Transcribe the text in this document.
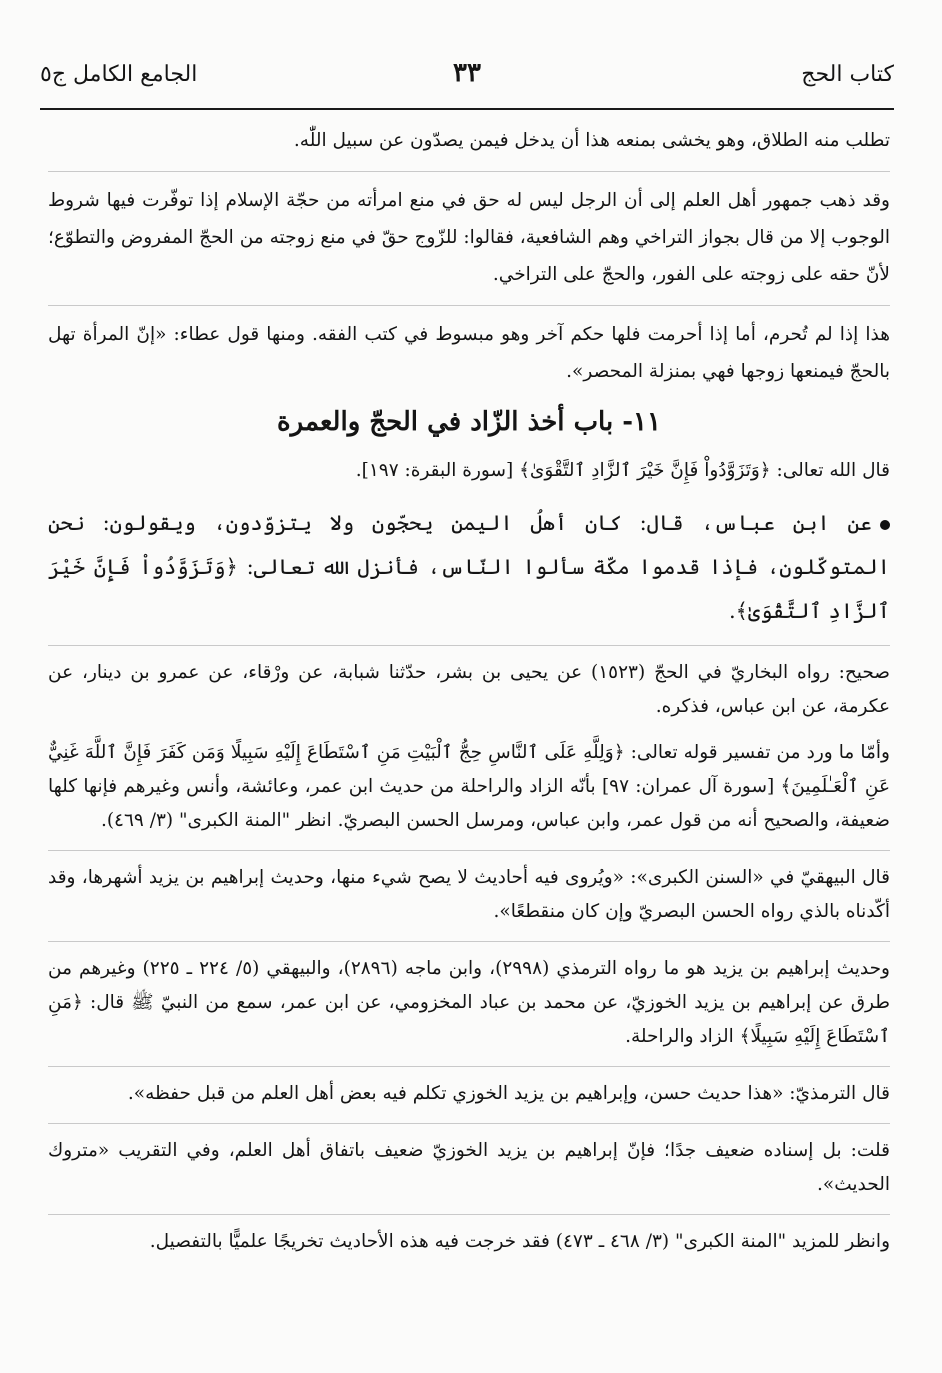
كتاب الحج
٣٣
الجامع الكامل ج٥

تطلب منه الطلاق، وهو يخشى بمنعه هذا أن يدخل فيمن يصدّون عن سبيل اللّٰه.

وقد ذهب جمهور أهل العلم إلى أن الرجل ليس له حق في منع امرأته من حجّة الإسلام إذا توفّرت فيها شروط الوجوب إلا من قال بجواز التراخي وهم الشافعية، فقالوا: للزّوج حقّ في منع زوجته من الحجّ المفروض والتطوّع؛ لأنّ حقه على زوجته على الفور، والحجّ على التراخي.

هذا إذا لم تُحرم، أما إذا أحرمت فلها حكم آخر وهو مبسوط في كتب الفقه. ومنها قول عطاء: «إنّ المرأة تهل بالحجّ فيمنعها زوجها فهي بمنزلة المحصر».

١١- باب أخذ الزّاد في الحجّ والعمرة

قال الله تعالى: ﴿وَتَزَوَّدُواْ فَإِنَّ خَيْرَ ٱلزَّادِ ٱلتَّقْوَىٰ﴾ [سورة البقرة: ١٩٧].

عن ابن عباس، قال: كان أهلُ اليمن يحجّون ولا يتزوّدون، ويقولون: نحن المتوكّلون، فإذا قدموا مكّة سألوا النّاس، فأنزل الله تعالى: ﴿وَتَزَوَّدُواْ فَإِنَّ خَيْرَ ٱلزَّادِ ٱلتَّقْوَىٰ﴾.

صحيح: رواه البخاريّ في الحجّ (١٥٢٣) عن يحيى بن بشر، حدّثنا شبابة، عن ورْقاء، عن عمرو بن دينار، عن عكرمة، عن ابن عباس، فذكره.

وأمّا ما ورد من تفسير قوله تعالى: ﴿وَلِلَّهِ عَلَى ٱلنَّاسِ حِجُّ ٱلْبَيْتِ مَنِ ٱسْتَطَاعَ إِلَيْهِ سَبِيلًا وَمَن كَفَرَ فَإِنَّ ٱللَّهَ غَنِيٌّ عَنِ ٱلْعَـٰلَمِينَ﴾ [سورة آل عمران: ٩٧] بأنّه الزاد والراحلة من حديث ابن عمر، وعائشة، وأنس وغيرهم فإنها كلها ضعيفة، والصحيح أنه من قول عمر، وابن عباس، ومرسل الحسن البصريّ. انظر "المنة الكبرى" (٣/ ٤٦٩).

قال البيهقيّ في «السنن الكبرى»: «ويُروى فيه أحاديث لا يصح شيء منها، وحديث إبراهيم بن يزيد أشهرها، وقد أكّدناه بالذي رواه الحسن البصريّ وإن كان منقطعًا».

وحديث إبراهيم بن يزيد هو ما رواه الترمذي (٢٩٩٨)، وابن ماجه (٢٨٩٦)، والبيهقي (٥/ ٢٢٤ ـ ٢٢٥) وغيرهم من طرق عن إبراهيم بن يزيد الخوزيّ، عن محمد بن عباد المخزومي، عن ابن عمر، سمع من النبيّ ﷺ قال: ﴿مَنِ ٱسْتَطَاعَ إِلَيْهِ سَبِيلًا﴾ الزاد والراحلة.

قال الترمذيّ: «هذا حديث حسن، وإبراهيم بن يزيد الخوزي تكلم فيه بعض أهل العلم من قبل حفظه».

قلت: بل إسناده ضعيف جدًا؛ فإنّ إبراهيم بن يزيد الخوزيّ ضعيف باتفاق أهل العلم، وفي التقريب «متروك الحديث».

وانظر للمزيد "المنة الكبرى" (٣/ ٤٦٨ ـ ٤٧٣) فقد خرجت فيه هذه الأحاديث تخريجًا علميًّا بالتفصيل.
